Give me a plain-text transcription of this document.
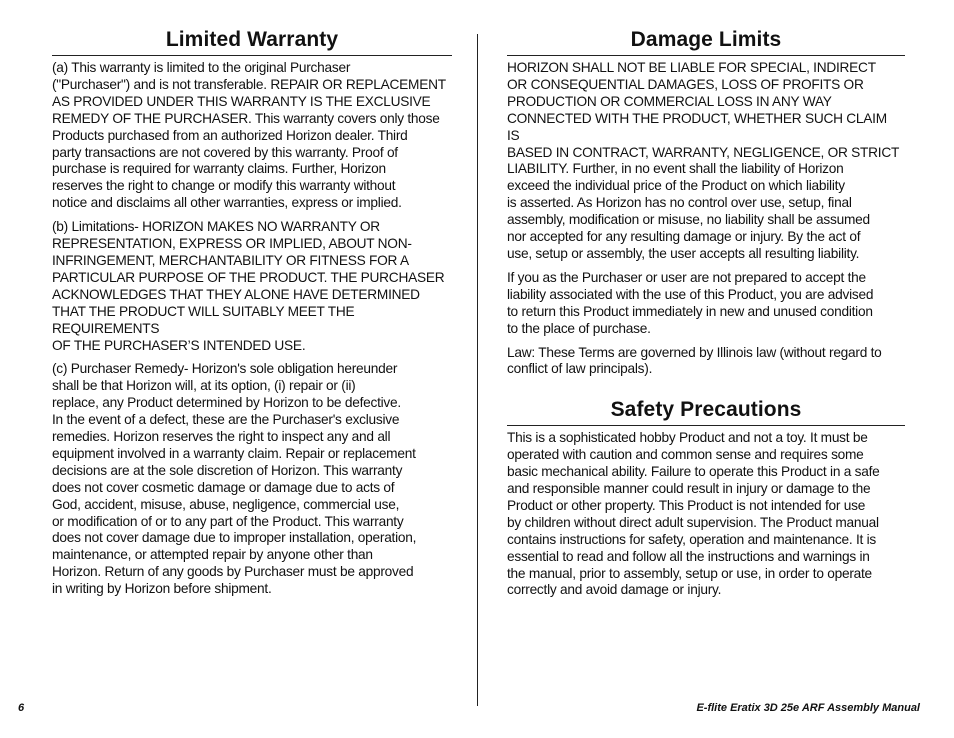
Limited Warranty

(a) This warranty is limited to the original Purchaser
("Purchaser") and is not transferable. REPAIR OR REPLACEMENT
AS PROVIDED UNDER THIS WARRANTY IS THE EXCLUSIVE
REMEDY OF THE PURCHASER. This warranty covers only those
Products purchased from an authorized Horizon dealer. Third
party transactions are not covered by this warranty. Proof of
purchase is required for warranty claims. Further, Horizon
reserves the right to change or modify this warranty without
notice and disclaims all other warranties, express or implied.

(b) Limitations- HORIZON MAKES NO WARRANTY OR
REPRESENTATION, EXPRESS OR IMPLIED, ABOUT NON-
INFRINGEMENT, MERCHANTABILITY OR FITNESS FOR A
PARTICULAR PURPOSE OF THE PRODUCT. THE PURCHASER
ACKNOWLEDGES THAT THEY ALONE HAVE DETERMINED
THAT THE PRODUCT WILL SUITABLY MEET THE REQUIREMENTS
OF THE PURCHASER’S INTENDED USE.

(c) Purchaser Remedy- Horizon's sole obligation hereunder
shall be that Horizon will, at its option, (i) repair or (ii)
replace, any Product determined by Horizon to be defective.
In the event of a defect, these are the Purchaser's exclusive
remedies. Horizon reserves the right to inspect any and all
equipment involved in a warranty claim. Repair or replacement
decisions are at the sole discretion of Horizon. This warranty
does not cover cosmetic damage or damage due to acts of
God, accident, misuse, abuse, negligence, commercial use,
or modification of or to any part of the Product. This warranty
does not cover damage due to improper installation, operation,
maintenance, or attempted repair by anyone other than
Horizon. Return of any goods by Purchaser must be approved
in writing by Horizon before shipment.

Damage Limits

HORIZON SHALL NOT BE LIABLE FOR SPECIAL, INDIRECT
OR CONSEQUENTIAL DAMAGES, LOSS OF PROFITS OR
PRODUCTION OR COMMERCIAL LOSS IN ANY WAY
CONNECTED WITH THE PRODUCT, WHETHER SUCH CLAIM IS
BASED IN CONTRACT, WARRANTY, NEGLIGENCE, OR STRICT
LIABILITY. Further, in no event shall the liability of Horizon
exceed the individual price of the Product on which liability
is asserted. As Horizon has no control over use, setup, final
assembly, modification or misuse, no liability shall be assumed
nor accepted for any resulting damage or injury. By the act of
use, setup or assembly, the user accepts all resulting liability.

If you as the Purchaser or user are not prepared to accept the
liability associated with the use of this Product, you are advised
to return this Product immediately in new and unused condition
to the place of purchase.

Law: These Terms are governed by Illinois law (without regard to
conflict of law principals).

Safety Precautions

This is a sophisticated hobby Product and not a toy. It must be
operated with caution and common sense and requires some
basic mechanical ability. Failure to operate this Product in a safe
and responsible manner could result in injury or damage to the
Product or other property. This Product is not intended for use
by children without direct adult supervision. The Product manual
contains instructions for safety, operation and maintenance. It is
essential to read and follow all the instructions and warnings in
the manual, prior to assembly, setup or use, in order to operate
correctly and avoid damage or injury.

6	E-flite Eratix 3D 25e ARF Assembly Manual
